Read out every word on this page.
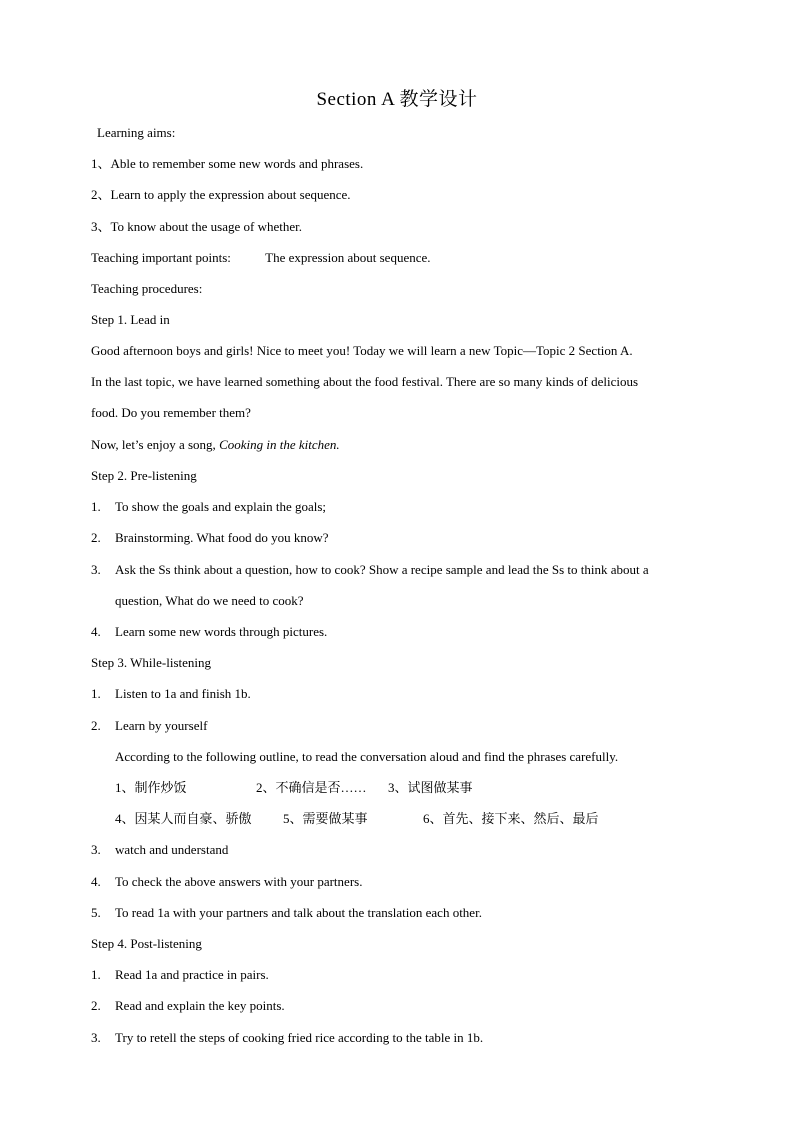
Section A 教学设计
Learning aims:
1、Able to remember some new words and phrases.
2、Learn to apply the expression about sequence.
3、To know about the usage of whether.
Teaching important points:	The expression about sequence.
Teaching procedures:
Step 1. Lead in
Good afternoon boys and girls! Nice to meet you! Today we will learn a new Topic—Topic 2 Section A.
In the last topic, we have learned something about the food festival. There are so many kinds of delicious
food. Do you remember them?
Now, let’s enjoy a song, Cooking in the kitchen.
Step 2. Pre-listening
1. To show the goals and explain the goals;
2. Brainstorming. What food do you know?
3. Ask the Ss think about a question, how to cook? Show a recipe sample and lead the Ss to think about a
question, What do we need to cook?
4. Learn some new words through pictures.
Step 3. While-listening
1. Listen to 1a and finish 1b.
2. Learn by yourself
According to the following outline, to read the conversation aloud and find the phrases carefully.
1、制作炒饭	2、不确信是否…… 3、试图做某事
4、因某人而自豪、骄傲 5、需要做某事	6、首先、接下来、然后、最后
3. watch and understand
4. To check the above answers with your partners.
5. To read 1a with your partners and talk about the translation each other.
Step 4. Post-listening
1. Read 1a and practice in pairs.
2. Read and explain the key points.
3. Try to retell the steps of cooking fried rice according to the table in 1b.
